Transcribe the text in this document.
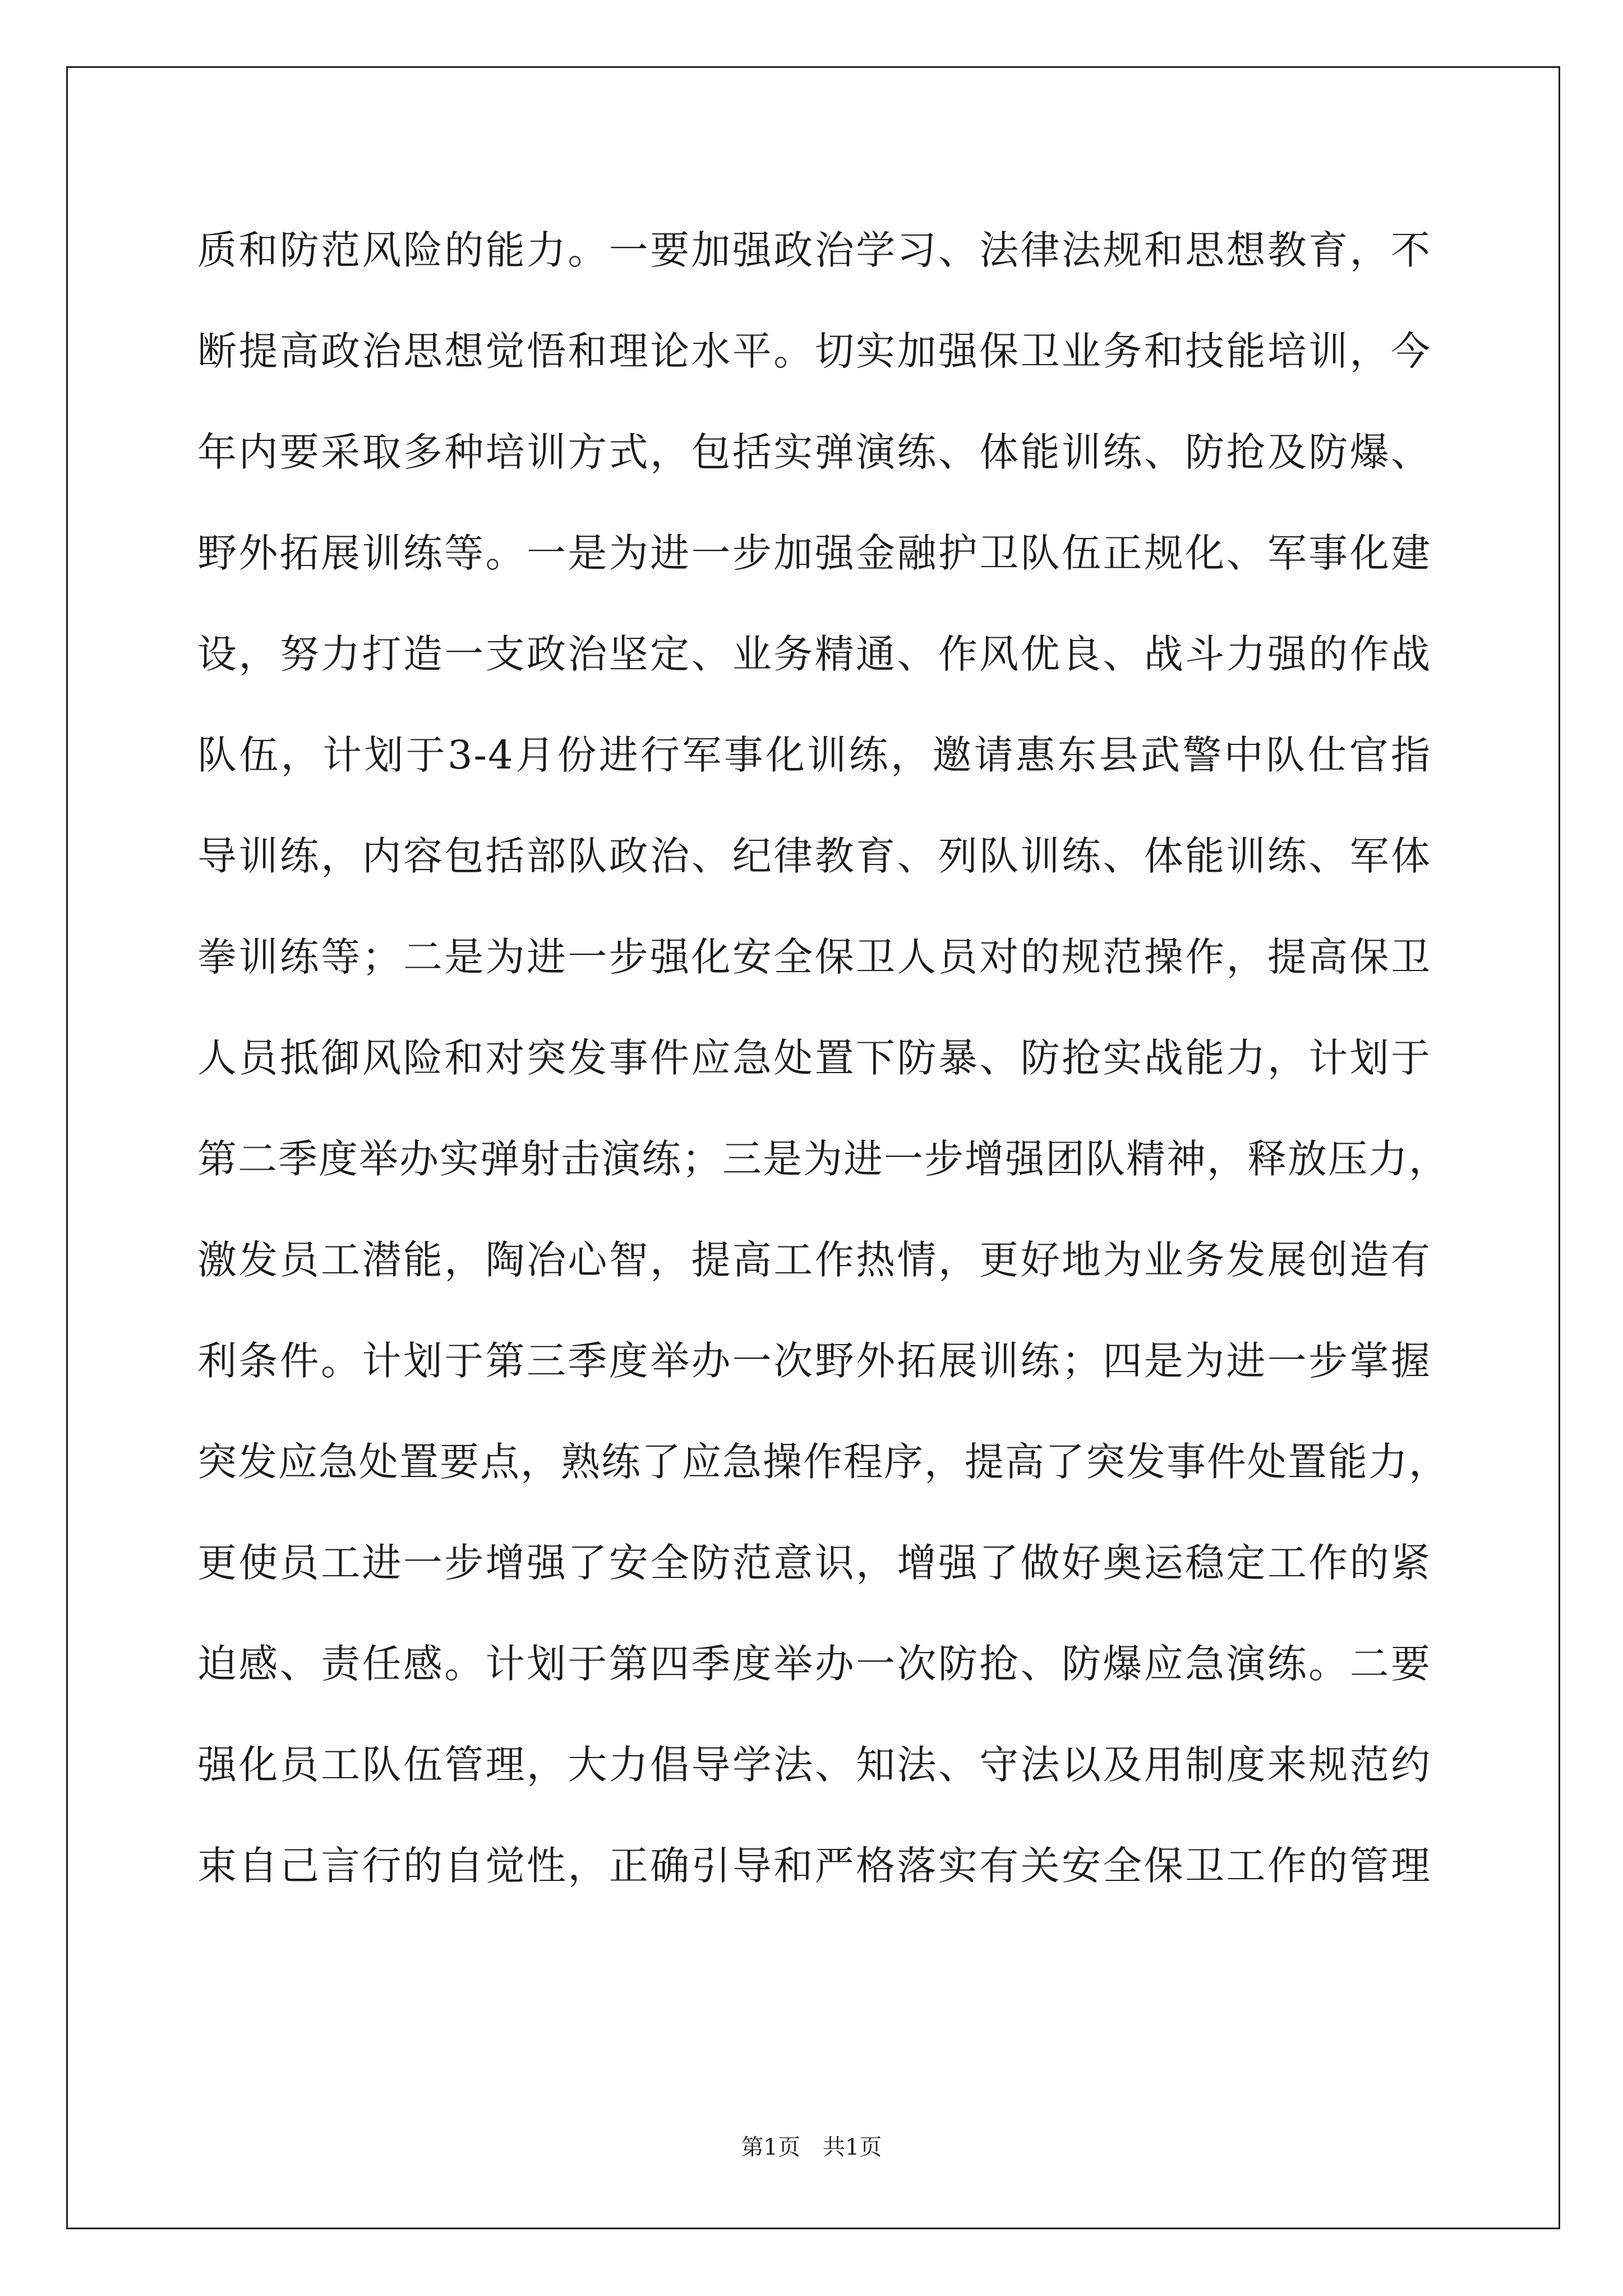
质和防范风险的能力。一要加强政治学习、法律法规和思想教育，不
断提高政治思想觉悟和理论水平。切实加强保卫业务和技能培训，今
年内要采取多种培训方式，包括实弹演练、体能训练、防抢及防爆、
野外拓展训练等。一是为进一步加强金融护卫队伍正规化、军事化建
设，努力打造一支政治坚定、业务精通、作风优良、战斗力强的作战
队伍，计划于3-4月份进行军事化训练，邀请惠东县武警中队仕官指
导训练，内容包括部队政治、纪律教育、列队训练、体能训练、军体
拳训练等；二是为进一步强化安全保卫人员对的规范操作，提高保卫
人员抵御风险和对突发事件应急处置下防暴、防抢实战能力，计划于
第二季度举办实弹射击演练；三是为进一步增强团队精神，释放压力，
激发员工潜能，陶冶心智，提高工作热情，更好地为业务发展创造有
利条件。计划于第三季度举办一次野外拓展训练；四是为进一步掌握
突发应急处置要点，熟练了应急操作程序，提高了突发事件处置能力，
更使员工进一步增强了安全防范意识，增强了做好奥运稳定工作的紧
迫感、责任感。计划于第四季度举办一次防抢、防爆应急演练。二要
强化员工队伍管理，大力倡导学法、知法、守法以及用制度来规范约
束自己言行的自觉性，正确引导和严格落实有关安全保卫工作的管理
第1页 共1页
